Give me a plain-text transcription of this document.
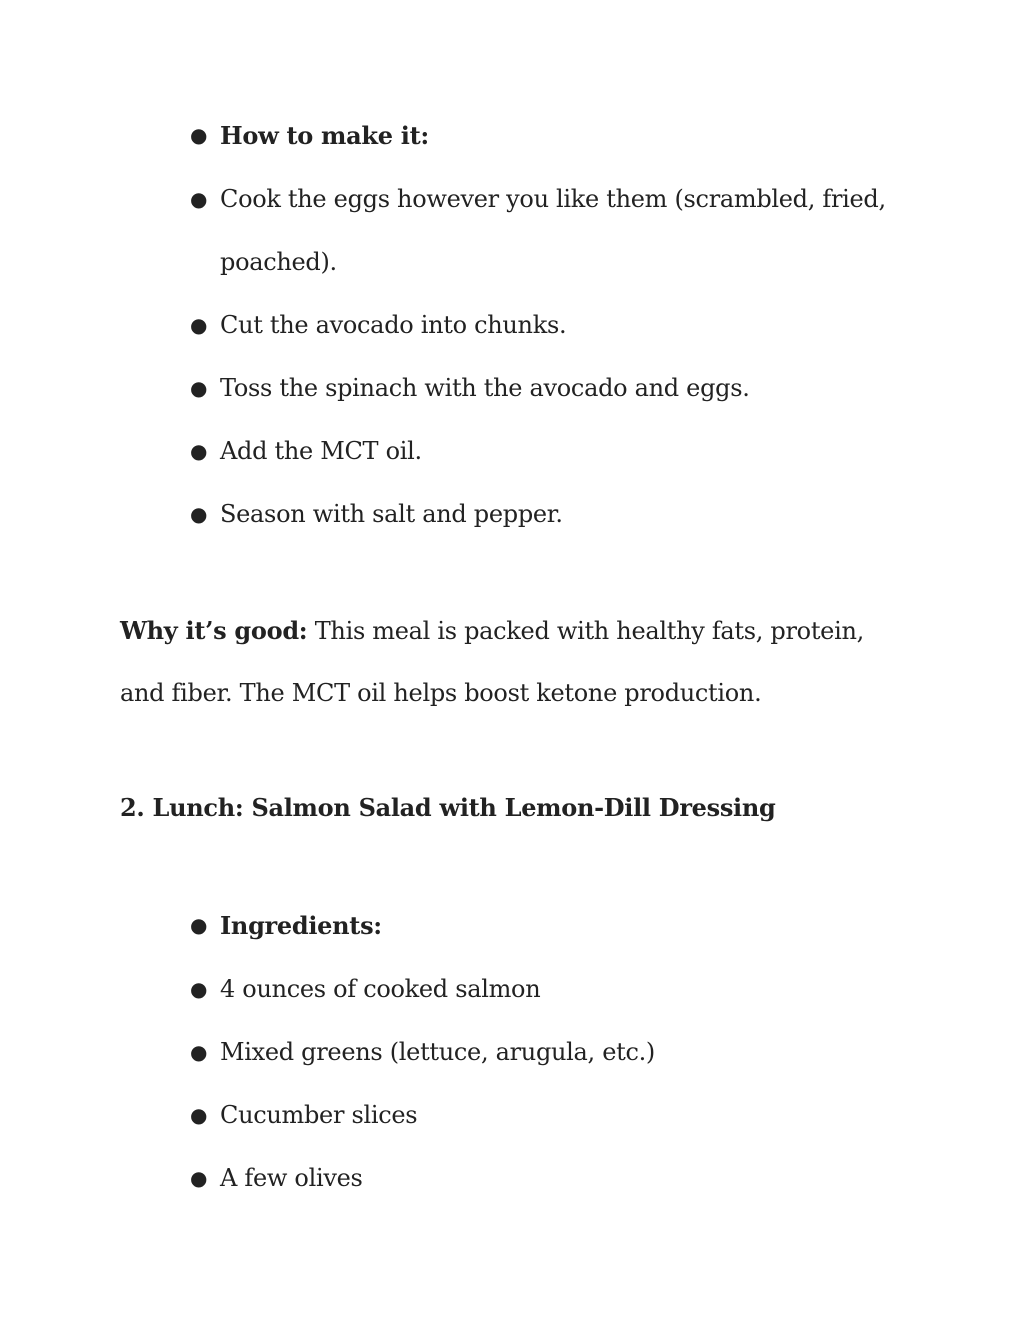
● How to make it:
● Cook the eggs however you like them (scrambled, fried, poached).
● Cut the avocado into chunks.
● Toss the spinach with the avocado and eggs.
● Add the MCT oil.
● Season with salt and pepper.

Why it’s good: This meal is packed with healthy fats, protein, and fiber. The MCT oil helps boost ketone production.

2. Lunch: Salmon Salad with Lemon-Dill Dressing
● Ingredients:
● 4 ounces of cooked salmon
● Mixed greens (lettuce, arugula, etc.)
● Cucumber slices
● A few olives
